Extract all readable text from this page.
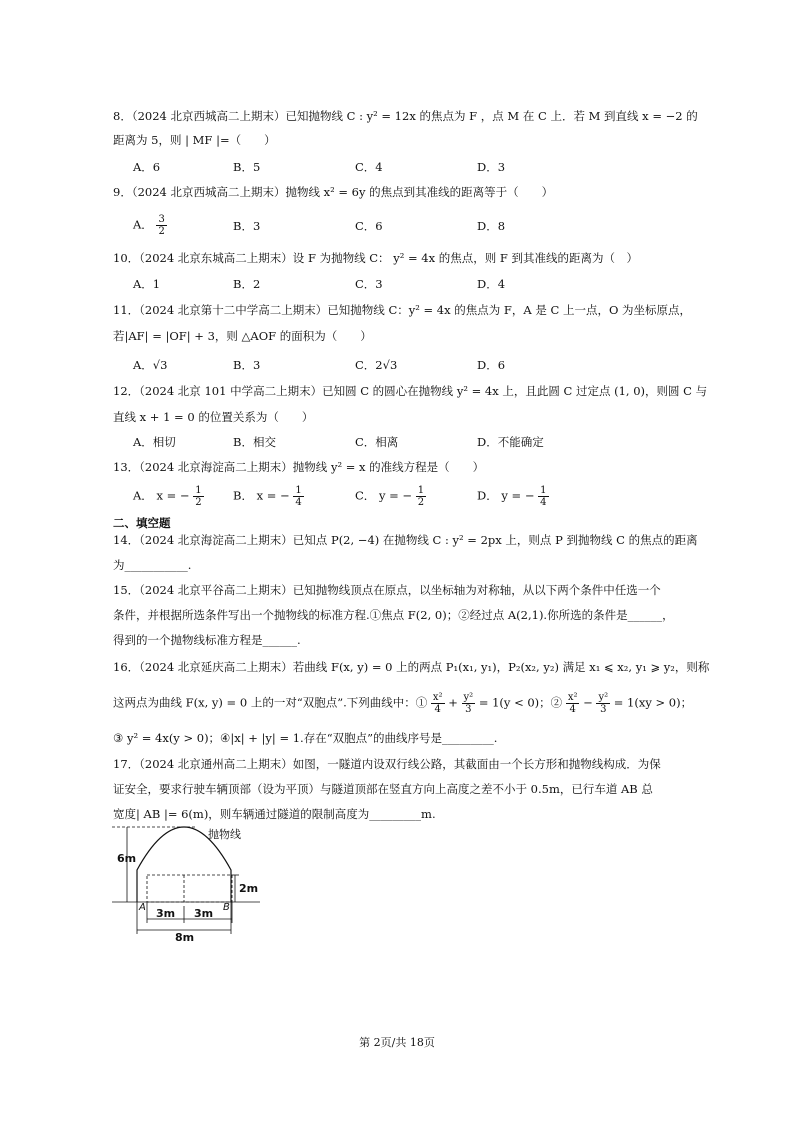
8．（2024 北京西城高二上期末）已知抛物线 C : y² = 12x 的焦点为 F ，点 M 在 C 上．若 M 到直线 x = −2 的
距离为 5，则 | MF |=（　　）
A．6	B．5	C．4	D．3
9．（2024 北京西城高二上期末）抛物线 x² = 6y 的焦点到其准线的距离等于（　　）
A． $\frac{3}{2}$	B．3	C．6	D．8
10．（2024 北京东城高二上期末）设 F 为抛物线 C： y² = 4x 的焦点，则 F 到其准线的距离为（　）
A．1	B．2	C．3	D．4
11．（2024 北京第十二中学高二上期末）已知抛物线 C：y² = 4x 的焦点为 F，A 是 C 上一点，O 为坐标原点，
若|AF| = |OF| + 3，则 △AOF 的面积为（　　）
A．√3	B．3	C．2√3	D．6
12．（2024 北京 101 中学高二上期末）已知圆 C 的圆心在抛物线 y² = 4x 上，且此圆 C 过定点 (1, 0)，则圆 C 与
直线 x + 1 = 0 的位置关系为（　　）
A．相切	B．相交	C．相离	D．不能确定
13．（2024 北京海淀高二上期末）抛物线 y² = x 的准线方程是（　　）
A． x = − $\frac{1}{2}$	B． x = − $\frac{1}{4}$	C． y = − $\frac{1}{2}$	D． y = − $\frac{1}{4}$
二、填空题
14．（2024 北京海淀高二上期末）已知点 P(2, −4) 在抛物线 C : y² = 2px 上，则点 P 到抛物线 C 的焦点的距离
为___________.
15．（2024 北京平谷高二上期末）已知抛物线顶点在原点，以坐标轴为对称轴，从以下两个条件中任选一个
条件，并根据所选条件写出一个抛物线的标准方程.①焦点 F(2, 0)；②经过点 A(2,1).你所选的条件是______，
得到的一个抛物线标准方程是______.
16．（2024 北京延庆高二上期末）若曲线 F(x, y) = 0 上的两点 P₁(x₁, y₁)，P₂(x₂, y₂) 满足 x₁ ⩽ x₂, y₁ ⩾ y₂，则称
这两点为曲线 F(x, y) = 0 上的一对“双胞点”.下列曲线中：① $\frac{\text{x²}}{4} + \frac{\text{y²}}{3} = 1(y < 0)$；② $\frac{\text{x²}}{4} - \frac{\text{y²}}{3} = 1(xy > 0)$；
③ y² = 4x(y > 0)；④|x| + |y| = 1.存在“双胞点”的曲线序号是_________.
17．（2024 北京通州高二上期末）如图，一隧道内设双行线公路，其截面由一个长方形和抛物线构成．为保
证安全，要求行驶车辆顶部（设为平顶）与隧道顶部在竖直方向上高度之差不小于 0.5m，已行车道 AB 总
宽度| AB |= 6(m)，则车辆通过隧道的限制高度为_________m.
抛物线
6m
2m
A	B
3m 3m
8m
第 2页/共 18页
